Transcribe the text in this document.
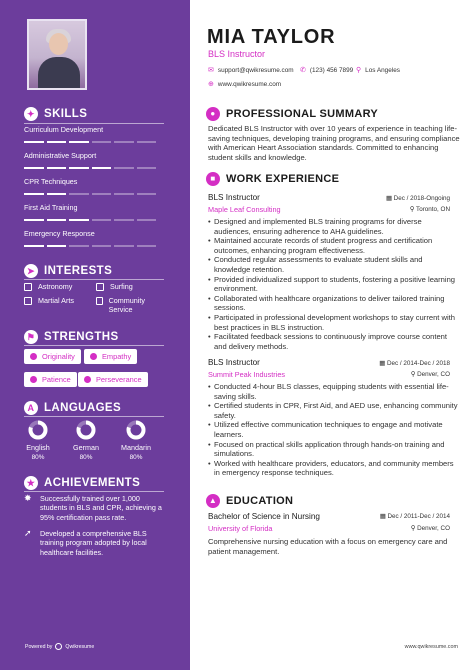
✦ SKILLS
Curriculum Development
Administrative Support
CPR Techniques
First Aid Training
Emergency Response
➤ INTERESTS
Astronomy	Surfing
Martial Arts	Community Service
⚑ STRENGTHS
Originality	Empathy
Patience	Perseverance
A LANGUAGES
English
80%
German
80%
Mandarin
80%
★ ACHIEVEMENTS
✸	Successfully trained over 1,000 students in BLS and CPR, achieving a 95% certification pass rate.
➚	Developed a comprehensive BLS training program adopted by local healthcare facilities.
Powered by	Qwikresume
MIA TAYLOR
BLS Instructor
✉ support@qwikresume.com ✆ (123) 456 7899 ⚲ Los Angeles
⊕ www.qwikresume.com
● PROFESSIONAL SUMMARY
Dedicated BLS Instructor with over 10 years of experience in teaching life-saving techniques, developing training programs, and ensuring compliance with American Heart Association standards. Committed to enhancing student skills and knowledge.
■ WORK EXPERIENCE
BLS Instructor	▦ Dec / 2018-Ongoing
Maple Leaf Consulting	⚲ Toronto, ON
• Designed and implemented BLS training programs for diverse audiences, ensuring adherence to AHA guidelines.
• Maintained accurate records of student progress and certification outcomes, enhancing program effectiveness.
• Conducted regular assessments to evaluate student skills and knowledge retention.
• Provided individualized support to students, fostering a positive learning environment.
• Collaborated with healthcare organizations to deliver tailored training sessions.
• Participated in professional development workshops to stay current with best practices in BLS instruction.
• Facilitated feedback sessions to continuously improve course content and delivery methods.
BLS Instructor	▦ Dec / 2014-Dec / 2018
Summit Peak Industries	⚲ Denver, CO
• Conducted 4-hour BLS classes, equipping students with essential life-saving skills.
• Certified students in CPR, First Aid, and AED use, enhancing community safety.
• Utilized effective communication techniques to engage and motivate learners.
• Focused on practical skills application through hands-on training and simulations.
• Worked with healthcare providers, educators, and community members in emergency response techniques.
▲ EDUCATION
Bachelor of Science in Nursing	▦ Dec / 2011-Dec / 2014
University of Florida	⚲ Denver, CO
Comprehensive nursing education with a focus on emergency care and patient management.
www.qwikresume.com
